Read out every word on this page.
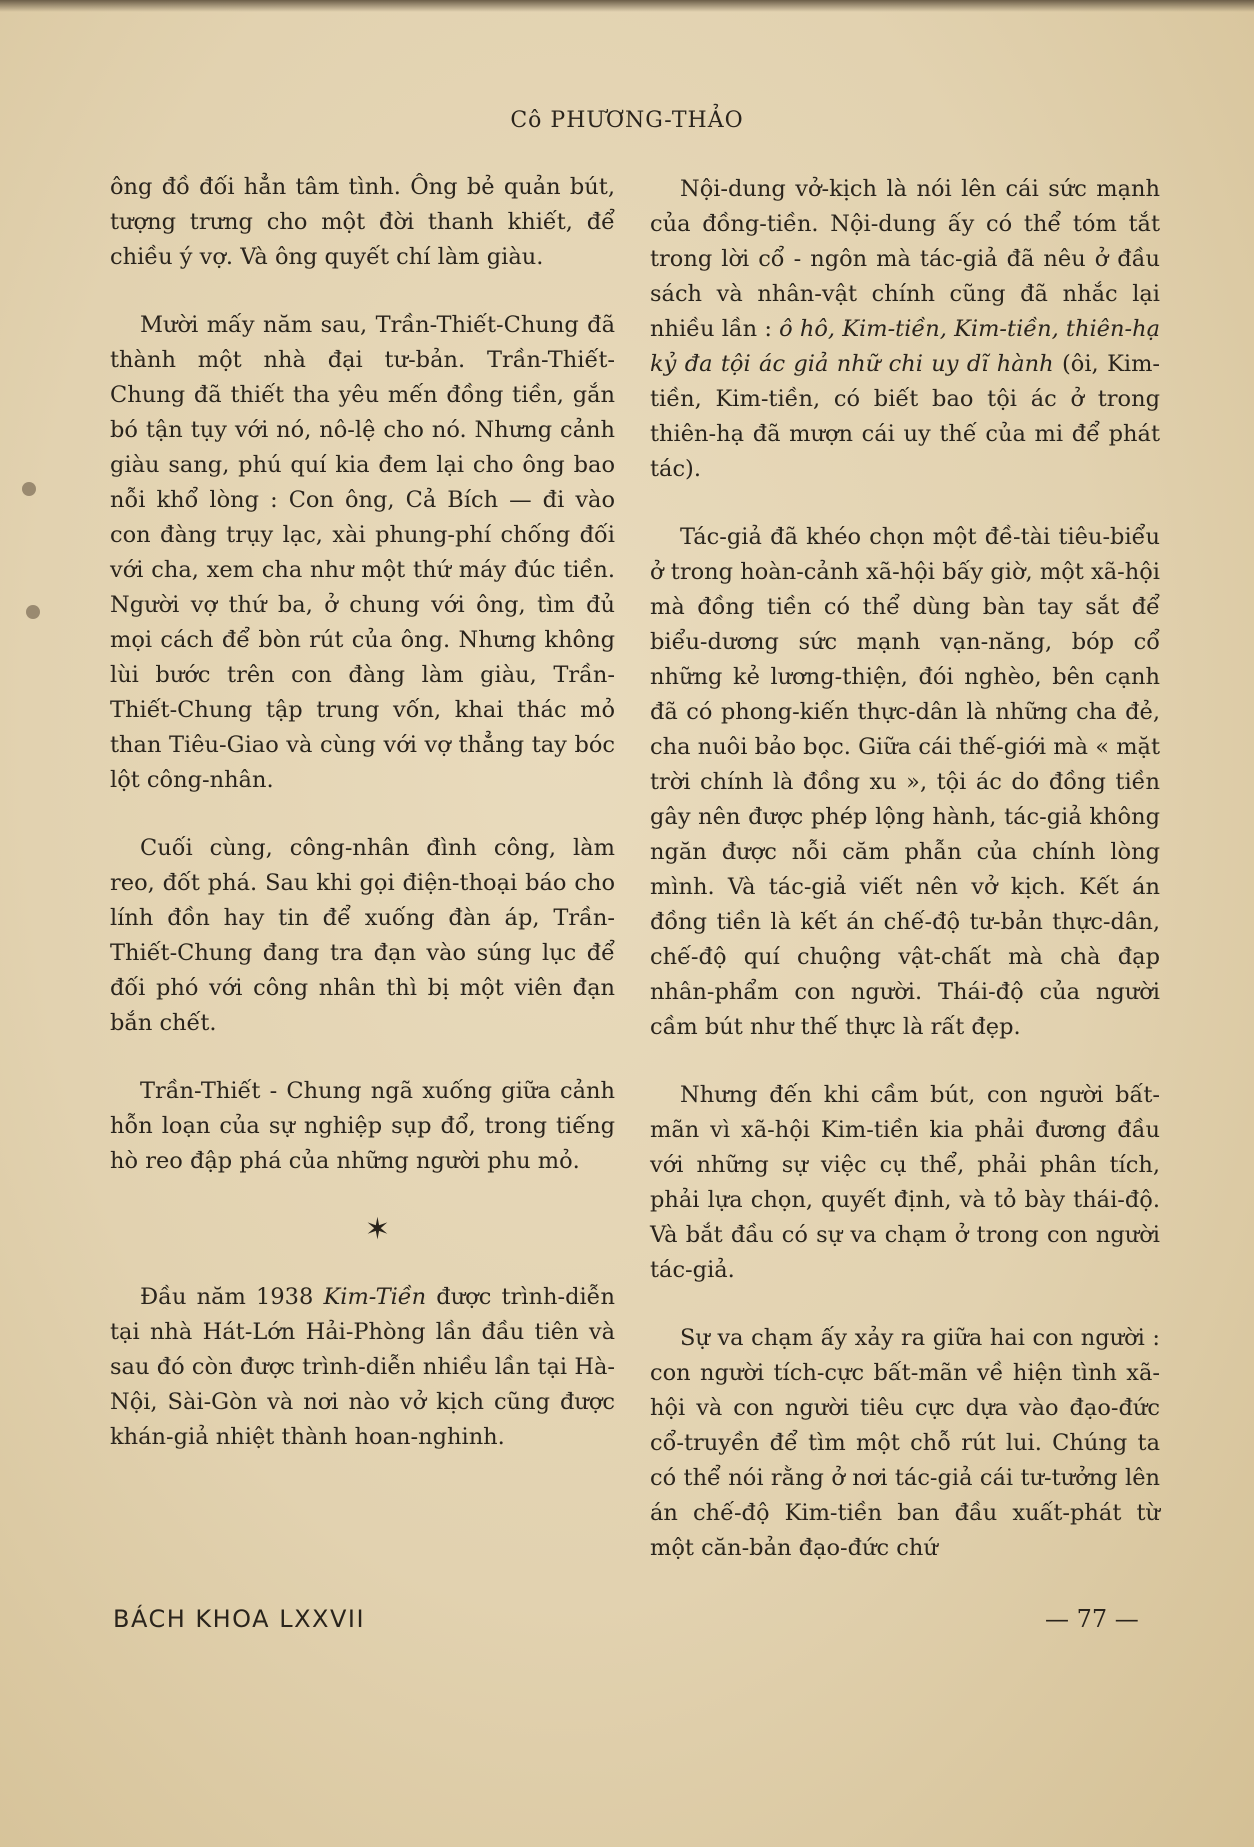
Cô PHƯƠNG-THẢO

ông đồ đối hẳn tâm tình. Ông bẻ quản bút, tượng trưng cho một đời thanh khiết, để chiều ý vợ. Và ông quyết chí làm giàu.

Mười mấy năm sau, Trần-Thiết-Chung đã thành một nhà đại tư-bản. Trần-Thiết-Chung đã thiết tha yêu mến đồng tiền, gắn bó tận tụy với nó, nô-lệ cho nó. Nhưng cảnh giàu sang, phú quí kia đem lại cho ông bao nỗi khổ lòng : Con ông, Cả Bích — đi vào con đàng trụy lạc, xài phung-phí chống đối với cha, xem cha như một thứ máy đúc tiền. Người vợ thứ ba, ở chung với ông, tìm đủ mọi cách để bòn rút của ông. Nhưng không lùi bước trên con đàng làm giàu, Trần-Thiết-Chung tập trung vốn, khai thác mỏ than Tiêu-Giao và cùng với vợ thẳng tay bóc lột công-nhân.

Cuối cùng, công-nhân đình công, làm reo, đốt phá. Sau khi gọi điện-thoại báo cho lính đồn hay tin để xuống đàn áp, Trần-Thiết-Chung đang tra đạn vào súng lục để đối phó với công nhân thì bị một viên đạn bắn chết.

Trần-Thiết - Chung ngã xuống giữa cảnh hỗn loạn của sự nghiệp sụp đổ, trong tiếng hò reo đập phá của những người phu mỏ.

✶

Đầu năm 1938 Kim-Tiền được trình-diễn tại nhà Hát-Lớn Hải-Phòng lần đầu tiên và sau đó còn được trình-diễn nhiều lần tại Hà-Nội, Sài-Gòn và nơi nào vở kịch cũng được khán-giả nhiệt thành hoan-nghinh.

Nội-dung vở-kịch là nói lên cái sức mạnh của đồng-tiền. Nội-dung ấy có thể tóm tắt trong lời cổ - ngôn mà tác-giả đã nêu ở đầu sách và nhân-vật chính cũng đã nhắc lại nhiều lần : ô hô, Kim-tiền, Kim-tiền, thiên-hạ kỷ đa tội ác giả nhữ chi uy dĩ hành (ôi, Kim-tiền, Kim-tiền, có biết bao tội ác ở trong thiên-hạ đã mượn cái uy thế của mi để phát tác).

Tác-giả đã khéo chọn một đề-tài tiêu-biểu ở trong hoàn-cảnh xã-hội bấy giờ, một xã-hội mà đồng tiền có thể dùng bàn tay sắt để biểu-dương sức mạnh vạn-năng, bóp cổ những kẻ lương-thiện, đói nghèo, bên cạnh đã có phong-kiến thực-dân là những cha đẻ, cha nuôi bảo bọc. Giữa cái thế-giới mà « mặt trời chính là đồng xu », tội ác do đồng tiền gây nên được phép lộng hành, tác-giả không ngăn được nỗi căm phẫn của chính lòng mình. Và tác-giả viết nên vở kịch. Kết án đồng tiền là kết án chế-độ tư-bản thực-dân, chế-độ quí chuộng vật-chất mà chà đạp nhân-phẩm con người. Thái-độ của người cầm bút như thế thực là rất đẹp.

Nhưng đến khi cầm bút, con người bất-mãn vì xã-hội Kim-tiền kia phải đương đầu với những sự việc cụ thể, phải phân tích, phải lựa chọn, quyết định, và tỏ bày thái-độ. Và bắt đầu có sự va chạm ở trong con người tác-giả.

Sự va chạm ấy xảy ra giữa hai con người : con người tích-cực bất-mãn về hiện tình xã-hội và con người tiêu cực dựa vào đạo-đức cổ-truyền để tìm một chỗ rút lui. Chúng ta có thể nói rằng ở nơi tác-giả cái tư-tưởng lên án chế-độ Kim-tiền ban đầu xuất-phát từ một căn-bản đạo-đức chứ

BÁCH KHOA LXXVII	— 77 —
